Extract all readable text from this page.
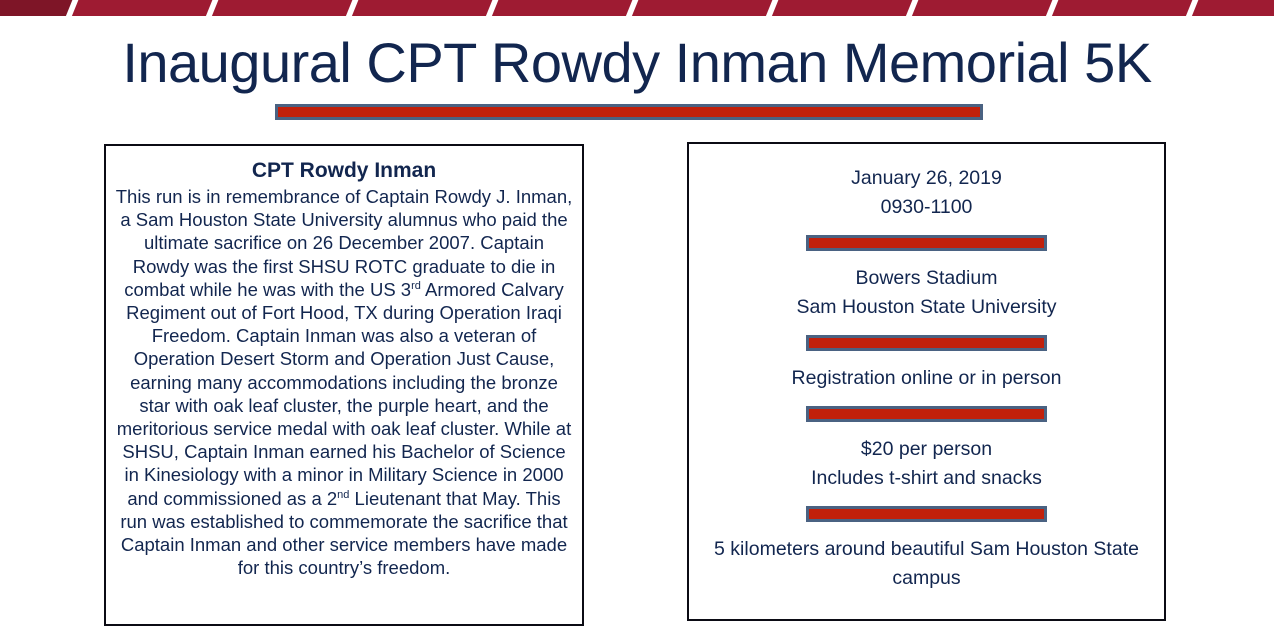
Inaugural CPT Rowdy Inman Memorial 5K
CPT Rowdy Inman
This run is in remembrance of Captain Rowdy J. Inman, a Sam Houston State University alumnus who paid the ultimate sacrifice on 26 December 2007. Captain Rowdy was the first SHSU ROTC graduate to die in combat while he was with the US 3rd Armored Calvary Regiment out of Fort Hood, TX during Operation Iraqi Freedom. Captain Inman was also a veteran of Operation Desert Storm and Operation Just Cause, earning many accommodations including the bronze star with oak leaf cluster, the purple heart, and the meritorious service medal with oak leaf cluster. While at SHSU, Captain Inman earned his Bachelor of Science in Kinesiology with a minor in Military Science in 2000 and commissioned as a 2nd Lieutenant that May. This run was established to commemorate the sacrifice that Captain Inman and other service members have made for this country’s freedom.
January 26, 2019
0930-1100
Bowers Stadium
Sam Houston State University
Registration online or in person
$20 per person
Includes t-shirt and snacks
5 kilometers around beautiful Sam Houston State campus
